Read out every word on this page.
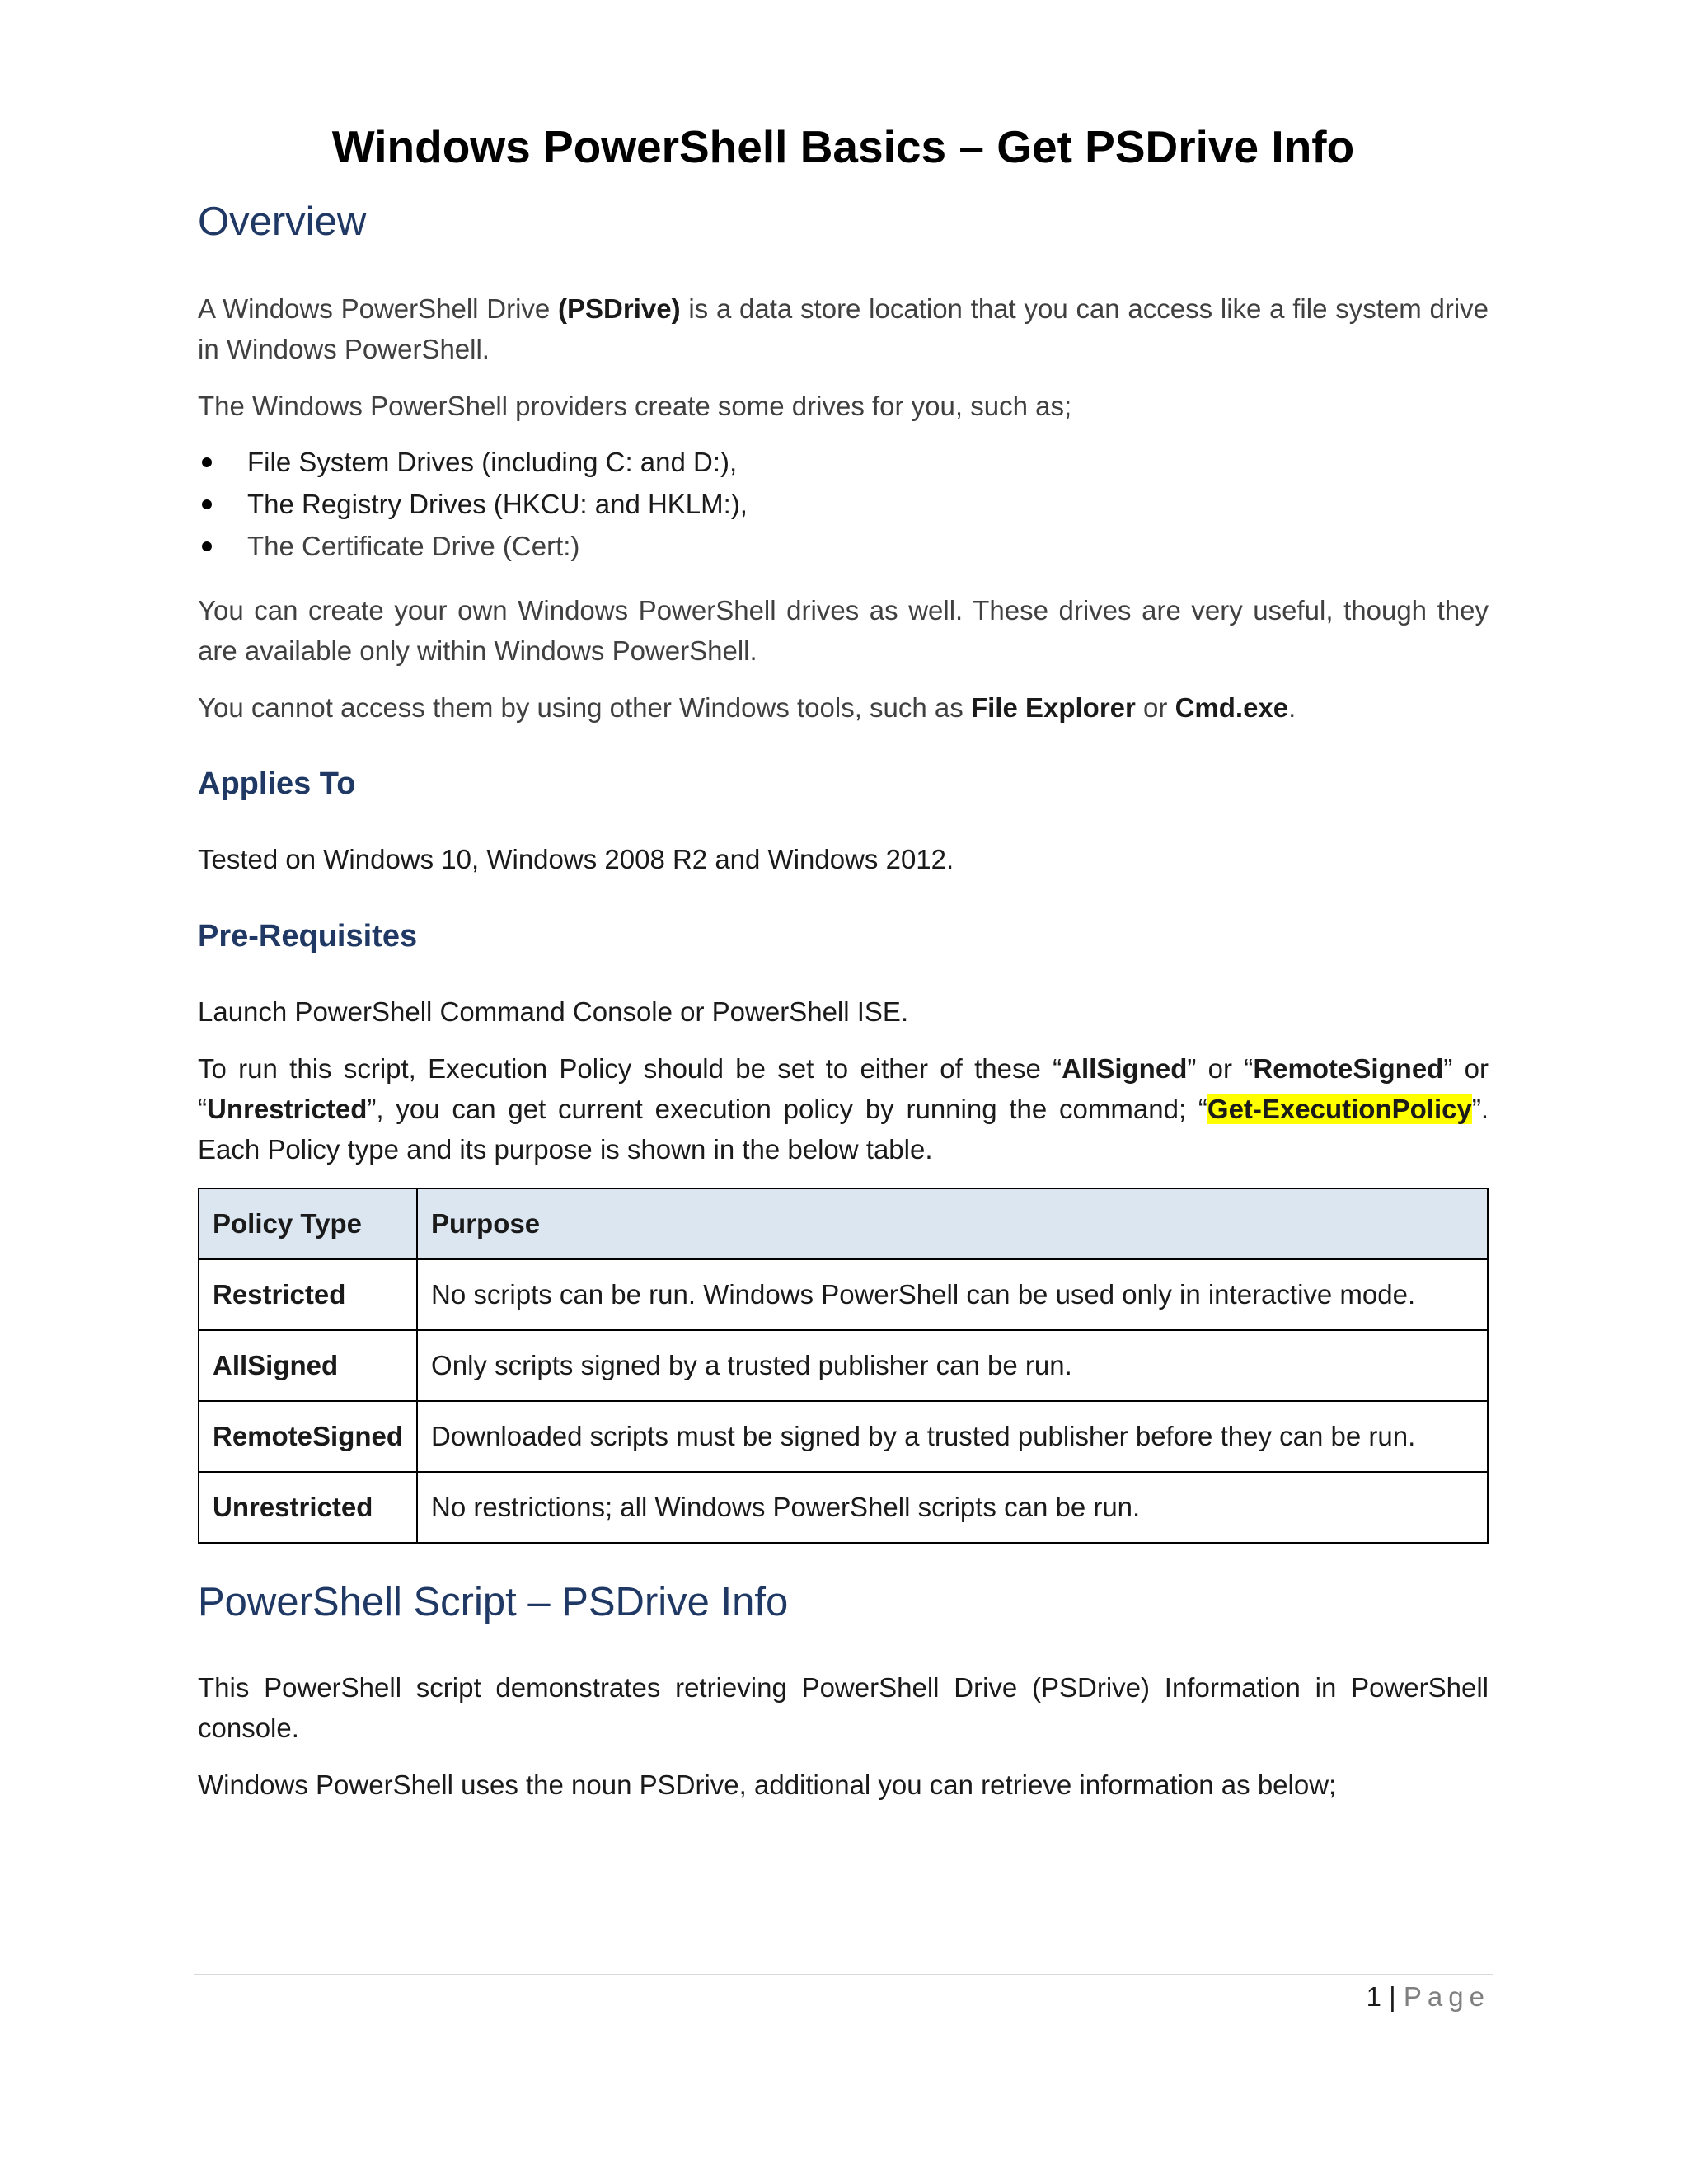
Windows PowerShell Basics – Get PSDrive Info
Overview

A Windows PowerShell Drive (PSDrive) is a data store location that you can access like a file system drive in Windows PowerShell.

The Windows PowerShell providers create some drives for you, such as;

File System Drives (including C: and D:),
The Registry Drives (HKCU: and HKLM:),
The Certificate Drive (Cert:)

You can create your own Windows PowerShell drives as well. These drives are very useful, though they are available only within Windows PowerShell.

You cannot access them by using other Windows tools, such as File Explorer or Cmd.exe.

Applies To

Tested on Windows 10, Windows 2008 R2 and Windows 2012.

Pre-Requisites

Launch PowerShell Command Console or PowerShell ISE.

To run this script, Execution Policy should be set to either of these “AllSigned” or “RemoteSigned” or “Unrestricted”, you can get current execution policy by running the command; “Get-ExecutionPolicy”. Each Policy type and its purpose is shown in the below table.

Policy Type	Purpose
Restricted	No scripts can be run. Windows PowerShell can be used only in interactive mode.
AllSigned	Only scripts signed by a trusted publisher can be run.
RemoteSigned	Downloaded scripts must be signed by a trusted publisher before they can be run.
Unrestricted	No restrictions; all Windows PowerShell scripts can be run.
PowerShell Script – PSDrive Info

This PowerShell script demonstrates retrieving PowerShell Drive (PSDrive) Information in PowerShell console.

Windows PowerShell uses the noun PSDrive, additional you can retrieve information as below;

1 | Page
